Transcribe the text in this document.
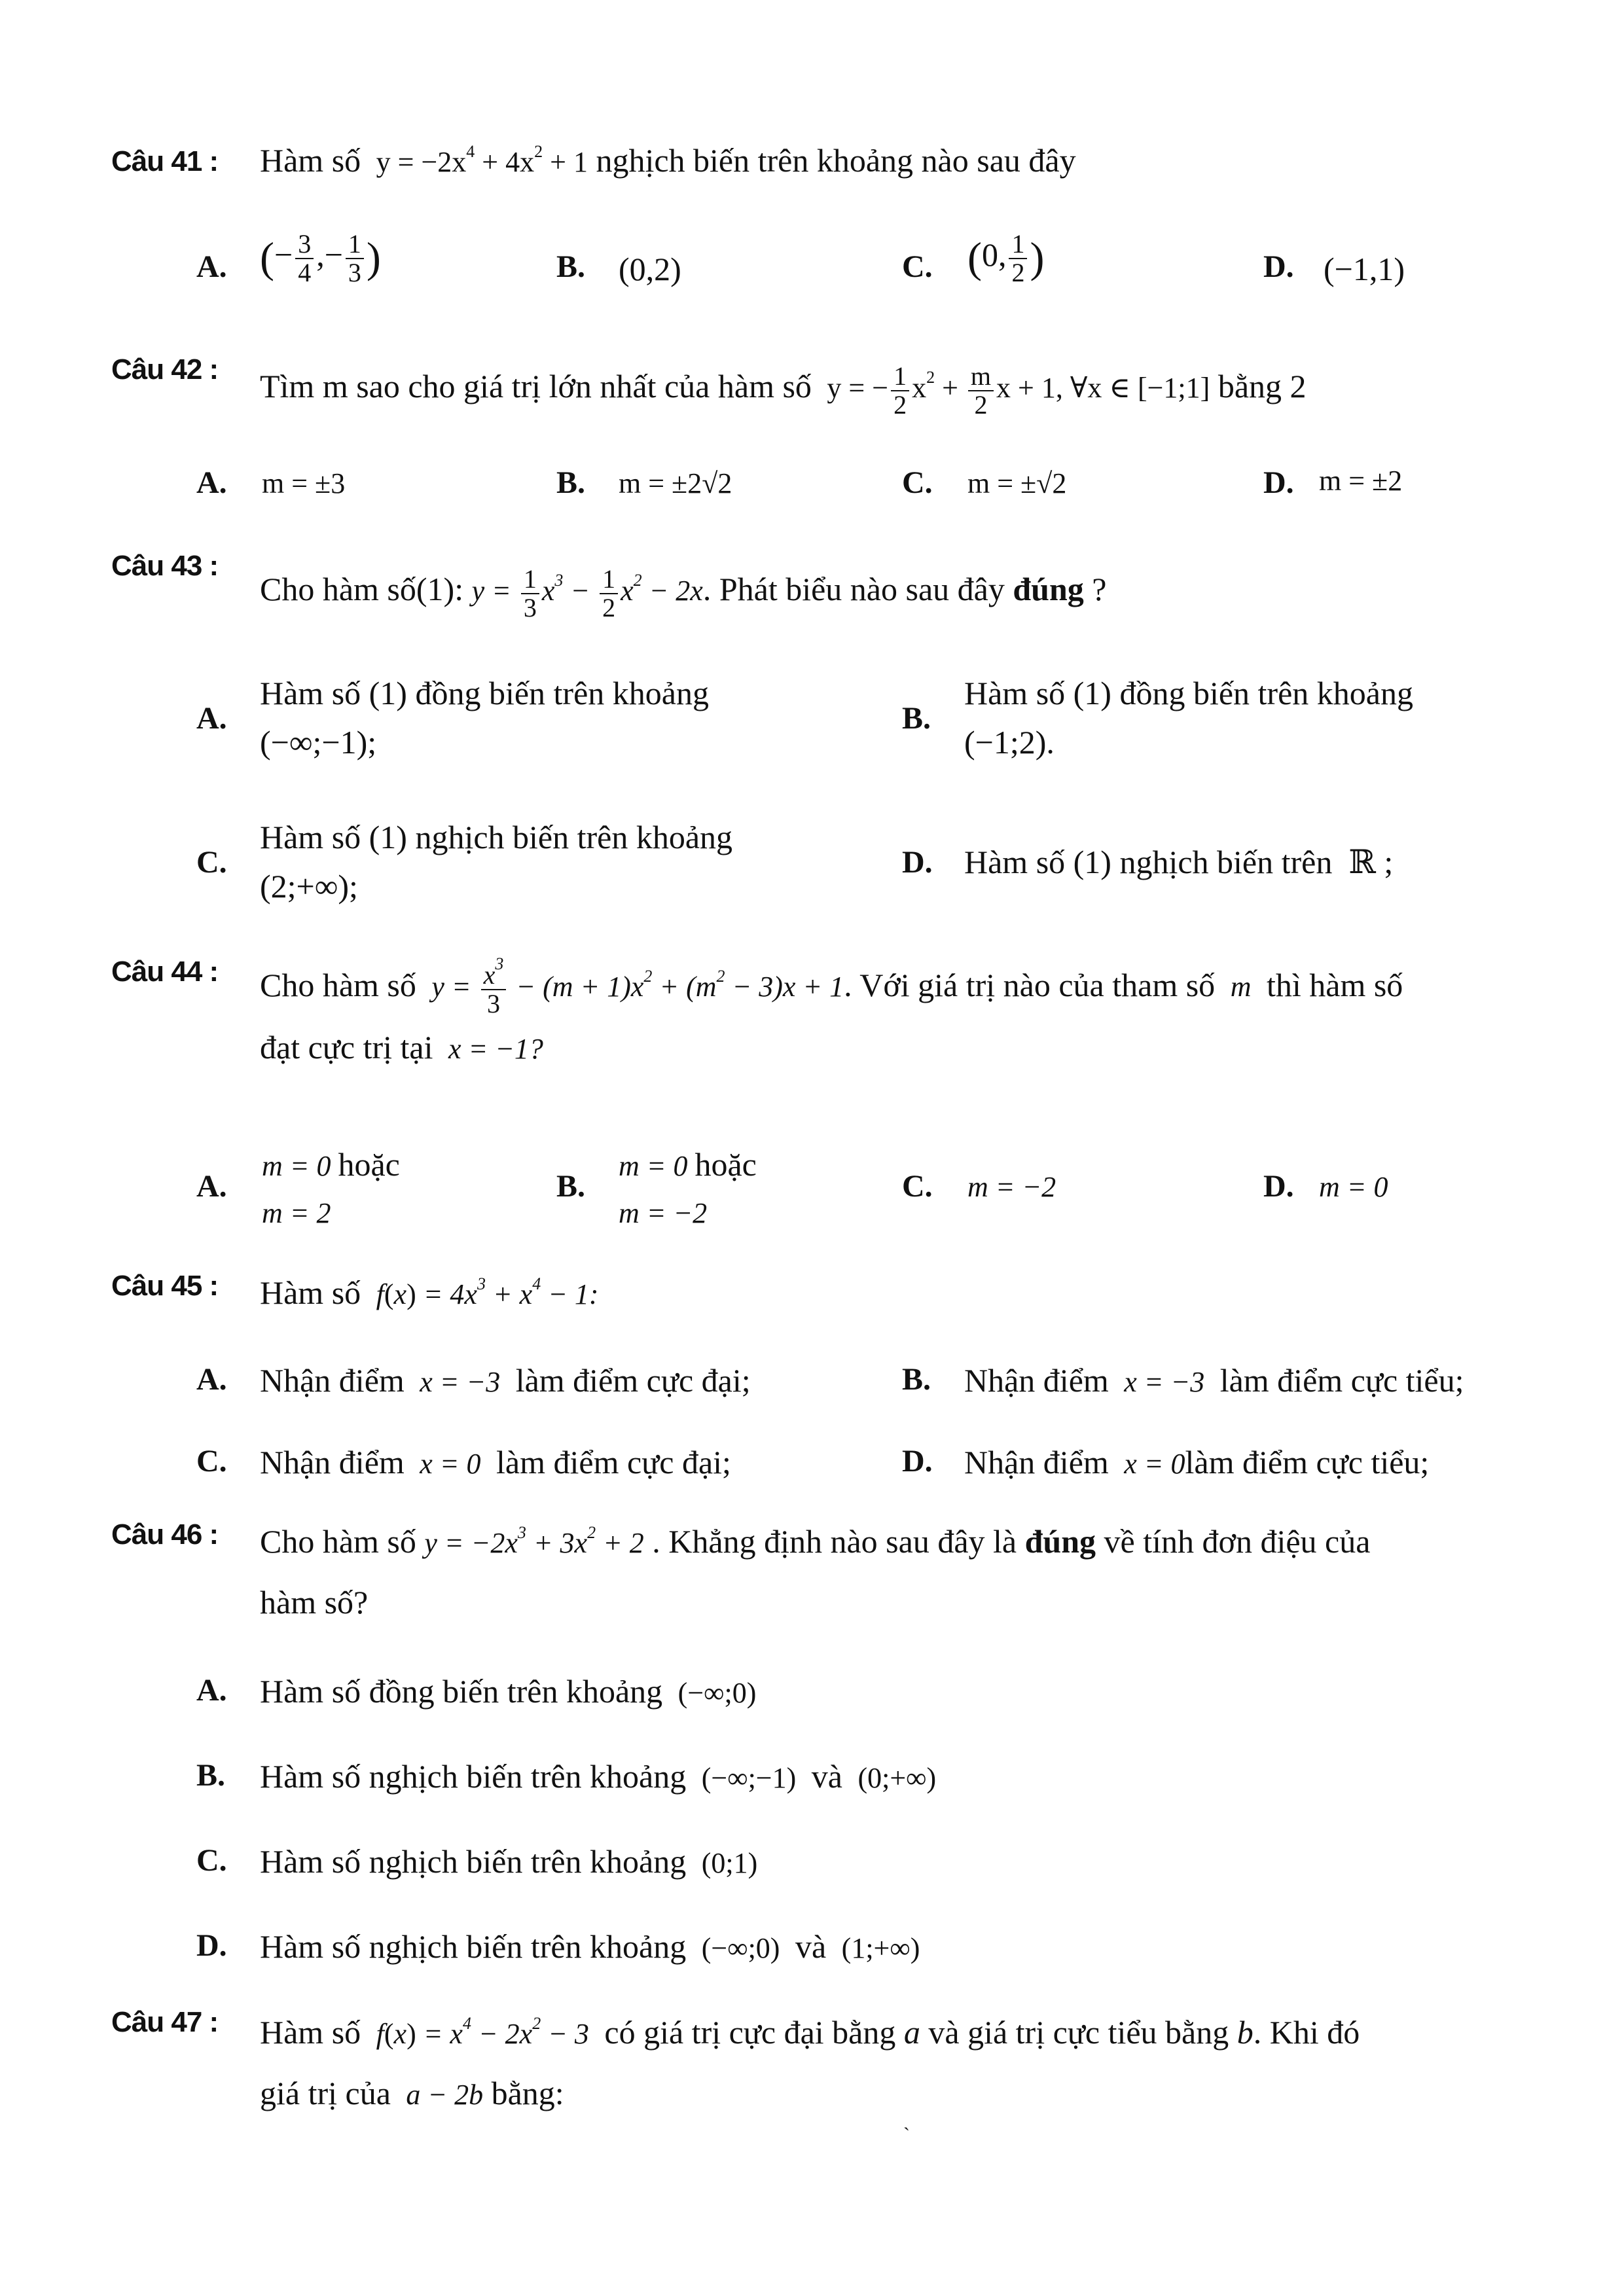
Câu 41 : Hàm số  $y = -2x^4 + 4x^2 + 1$ nghịch biến trên khoảng nào sau đây
A. (− $\frac{3}{4}$ ,− $\frac{1}{3}$ )	B. (0,2)	C. (0, $\frac{1}{2}$ )	D. (−1,1)
Câu 42 : Tìm m sao cho giá trị lớn nhất của hàm số  y = − $\frac{1}{2} x^2 + \frac{m}{2}$ x + 1, ∀x ∈ [−1;1] bằng 2
A. m = ±3	B. m = ±2√2	C. m = ±√2	D. m = ±2
Câu 43 :
Cho hàm số(1): $y = \frac{1}{3} x^3 - \frac{1}{2} x^2 - 2x$. Phát biểu nào sau đây đúng ?
A.
Hàm số (1) đồng biến trên khoảng
(−∞;−1);
B.
Hàm số (1) đồng biến trên khoảng
(−1;2).
C.
Hàm số (1) nghịch biến trên khoảng
(2;+∞);
D. Hàm số (1) nghịch biến trên  ℝ ;
Câu 44 : Cho hàm số  $y = \frac{x^3}{3} - (m + 1)x^2 + (m^2 - 3)x + 1$. Với giá trị nào của tham số  m  thì hàm số
đạt cực trị tại  x = −1?
A.
m = 0 hoặc
m = 2
B.
m = 0 hoặc
m = −2
C. m = −2	D. m = 0
Câu 45 : Hàm số  $f(x) = 4x^3 + x^4 - 1$:
A. Nhận điểm  x = −3  làm điểm cực đại;	B. Nhận điểm  x = −3  làm điểm cực tiểu;
C. Nhận điểm  x = 0  làm điểm cực đại;	D. Nhận điểm  x = 0làm điểm cực tiểu;
Câu 46 : Cho hàm số $y = -2x^3 + 3x^2 + 2$ . Khẳng định nào sau đây là đúng về tính đơn điệu của
hàm số?
A. Hàm số đồng biến trên khoảng  (−∞;0)
B. Hàm số nghịch biến trên khoảng  (−∞;−1)  và  (0;+∞)
C. Hàm số nghịch biến trên khoảng  (0;1)
D. Hàm số nghịch biến trên khoảng  (−∞;0)  và  (1;+∞)
Câu 47 : Hàm số  $f(x) = x^4 - 2x^2 - 3$  có giá trị cực đại bằng a và giá trị cực tiểu bằng b. Khi đó
giá trị của  a − 2b bằng:
ˋ
